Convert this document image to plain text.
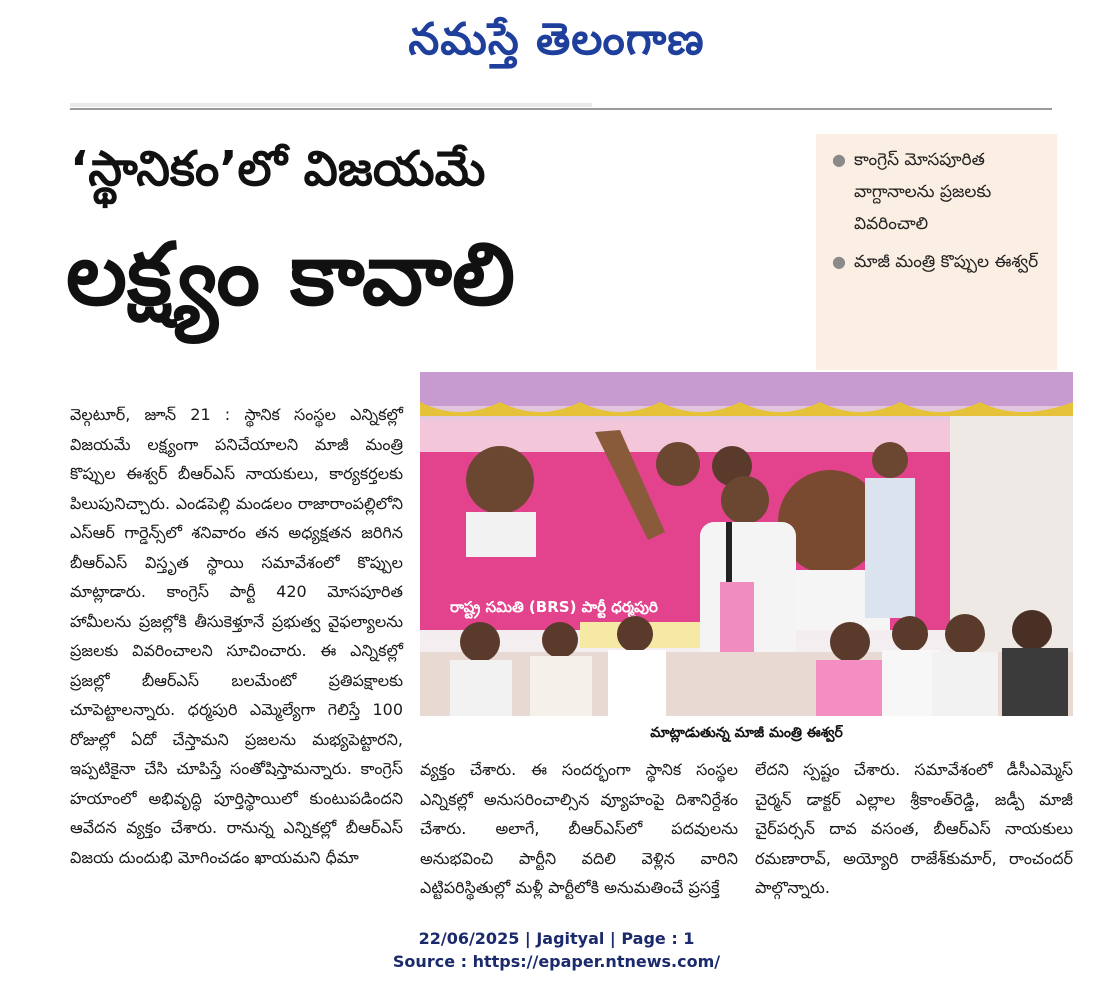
నమస్తే తెలంగాణ
‘స్థానికం’లో విజయమే
లక్ష్యం కావాలి
● కాంగ్రెస్ మోసపూరిత వాగ్దానాలను ప్రజలకు వివరించాలి
● మాజీ మంత్రి కొప్పుల ఈశ్వర్
రాష్ట్ర సమితి (BRS) పార్టీ ధర్మపురి
మాట్లాడుతున్న మాజీ మంత్రి ఈశ్వర్

వెల్గటూర్, జూన్ 21 : స్థానిక సంస్థల ఎన్నికల్లో విజయమే లక్ష్యంగా పనిచేయాలని మాజీ మంత్రి కొప్పుల ఈశ్వర్ బీఆర్ఎస్ నాయకులు, కార్యకర్తలకు పిలుపునిచ్చారు. ఎండపెల్లి మండలం రాజారాంపల్లిలోని ఎస్ఆర్ గార్డెన్స్‌లో శనివారం తన అధ్యక్షతన జరిగిన బీఆర్ఎస్ విస్తృత స్థాయి సమావేశంలో కొప్పుల మాట్లాడారు. కాంగ్రెస్ పార్టీ 420 మోసపూరిత హామీలను ప్రజల్లోకి తీసుకెళ్తూనే ప్రభుత్వ వైఫల్యాలను ప్రజలకు వివరించాలని సూచించారు. ఈ ఎన్నికల్లో ప్రజల్లో బీఆర్ఎస్ బలమేంటో ప్రతిపక్షాలకు చూపెట్టాలన్నారు. ధర్మపురి ఎమ్మెల్యేగా గెలిస్తే 100 రోజుల్లో ఏదో చేస్తామని ప్రజలను మభ్యపెట్టారని, ఇప్పటికైనా చేసి చూపిస్తే సంతోషిస్తామన్నారు. కాంగ్రెస్ హయాంలో అభివృద్ధి పూర్తిస్థాయిలో కుంటుపడిందని ఆవేదన వ్యక్తం చేశారు. రానున్న ఎన్నికల్లో బీఆర్ఎస్ విజయ దుందుభి మోగించడం ఖాయమని ధీమా

వ్యక్తం చేశారు. ఈ సందర్భంగా స్థానిక సంస్థల ఎన్నికల్లో అనుసరించాల్సిన వ్యూహంపై దిశానిర్దేశం చేశారు. అలాగే, బీఆర్ఎస్‌లో పదవులను అనుభవించి పార్టీని వదిలి వెళ్లిన వారిని ఎట్టిపరిస్థితుల్లో మళ్లీ పార్టీలోకి అనుమతించే ప్రసక్తే

లేదని స్పష్టం చేశారు. సమావేశంలో డీసీఎమ్మెస్ చైర్మన్ డాక్టర్ ఎల్లాల శ్రీకాంత్‌రెడ్డి, జడ్పీ మాజీ చైర్‌పర్సన్ దావ వసంత, బీఆర్ఎస్ నాయకులు రమణారావ్, అయ్యోరి రాజేశ్‌కుమార్, రాంచందర్ పాల్గొన్నారు.

22/06/2025 | Jagityal | Page : 1
Source : https://epaper.ntnews.com/
